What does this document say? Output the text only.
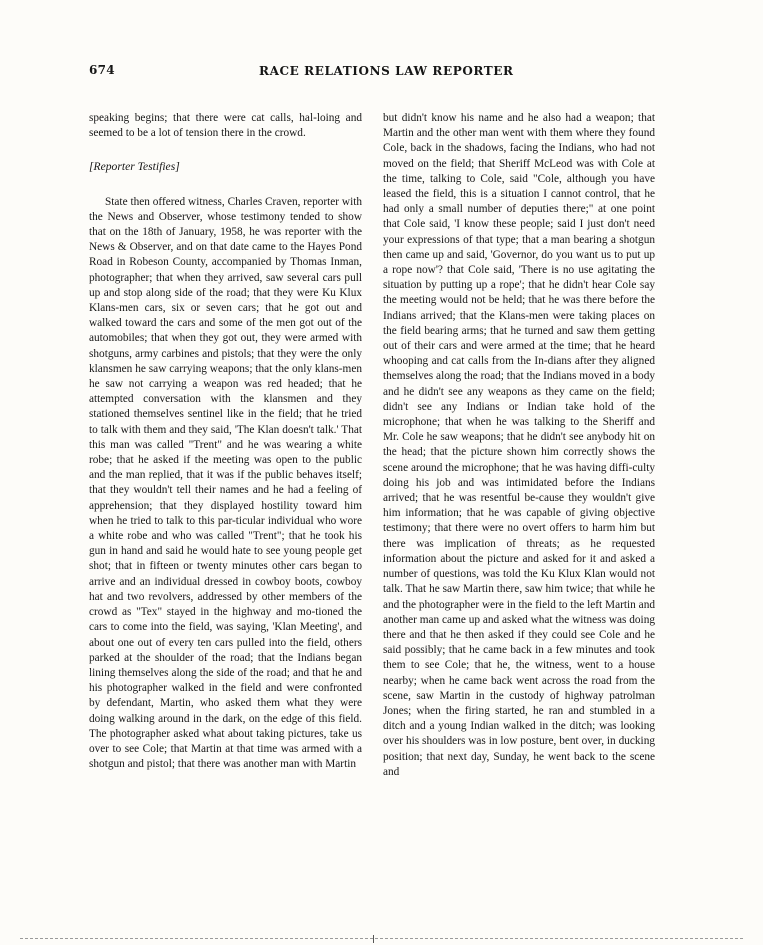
674	RACE RELATIONS LAW REPORTER

speaking begins; that there were cat calls, hal-loing and seemed to be a lot of tension there in the crowd.

[Reporter Testifies]

State then offered witness, Charles Craven, reporter with the News and Observer, whose testimony tended to show that on the 18th of January, 1958, he was reporter with the News & Observer, and on that date came to the Hayes Pond Road in Robeson County, accompanied by Thomas Inman, photographer; that when they arrived, saw several cars pull up and stop along side of the road; that they were Ku Klux Klans-men cars, six or seven cars; that he got out and walked toward the cars and some of the men got out of the automobiles; that when they got out, they were armed with shotguns, army carbines and pistols; that they were the only klansmen he saw carrying weapons; that the only klans-men he saw not carrying a weapon was red headed; that he attempted conversation with the klansmen and they stationed themselves sentinel like in the field; that he tried to talk with them and they said, 'The Klan doesn't talk.' That this man was called "Trent" and he was wearing a white robe; that he asked if the meeting was open to the public and the man replied, that it was if the public behaves itself; that they wouldn't tell their names and he had a feeling of apprehension; that they displayed hostility toward him when he tried to talk to this par-ticular individual who wore a white robe and who was called "Trent"; that he took his gun in hand and said he would hate to see young people get shot; that in fifteen or twenty minutes other cars began to arrive and an individual dressed in cowboy boots, cowboy hat and two revolvers, addressed by other members of the crowd as "Tex" stayed in the highway and mo-tioned the cars to come into the field, was saying, 'Klan Meeting', and about one out of every ten cars pulled into the field, others parked at the shoulder of the road; that the Indians began lining themselves along the side of the road; and that he and his photographer walked in the field and were confronted by defendant, Martin, who asked them what they were doing walking around in the dark, on the edge of this field. The photographer asked what about taking pictures, take us over to see Cole; that Martin at that time was armed with a shotgun and pistol; that there was another man with Martin

but didn't know his name and he also had a weapon; that Martin and the other man went with them where they found Cole, back in the shadows, facing the Indians, who had not moved on the field; that Sheriff McLeod was with Cole at the time, talking to Cole, said "Cole, although you have leased the field, this is a situation I cannot control, that he had only a small number of deputies there;" at one point that Cole said, 'I know these people; said I just don't need your expressions of that type; that a man bearing a shotgun then came up and said, 'Governor, do you want us to put up a rope now'? that Cole said, 'There is no use agitating the situation by putting up a rope'; that he didn't hear Cole say the meeting would not be held; that he was there before the Indians arrived; that the Klans-men were taking places on the field bearing arms; that he turned and saw them getting out of their cars and were armed at the time; that he heard whooping and cat calls from the In-dians after they aligned themselves along the road; that the Indians moved in a body and he didn't see any weapons as they came on the field; didn't see any Indians or Indian take hold of the microphone; that when he was talking to the Sheriff and Mr. Cole he saw weapons; that he didn't see anybody hit on the head; that the picture shown him correctly shows the scene around the microphone; that he was having diffi-culty doing his job and was intimidated before the Indians arrived; that he was resentful be-cause they wouldn't give him information; that he was capable of giving objective testimony; that there were no overt offers to harm him but there was implication of threats; as he requested information about the picture and asked for it and asked a number of questions, was told the Ku Klux Klan would not talk. That he saw Martin there, saw him twice; that while he and the photographer were in the field to the left Martin and another man came up and asked what the witness was doing there and that he then asked if they could see Cole and he said possibly; that he came back in a few minutes and took them to see Cole; that he, the witness, went to a house nearby; when he came back went across the road from the scene, saw Martin in the custody of highway patrolman Jones; when the firing started, he ran and stumbled in a ditch and a young Indian walked in the ditch; was looking over his shoulders was in low posture, bent over, in ducking position; that next day, Sunday, he went back to the scene and
